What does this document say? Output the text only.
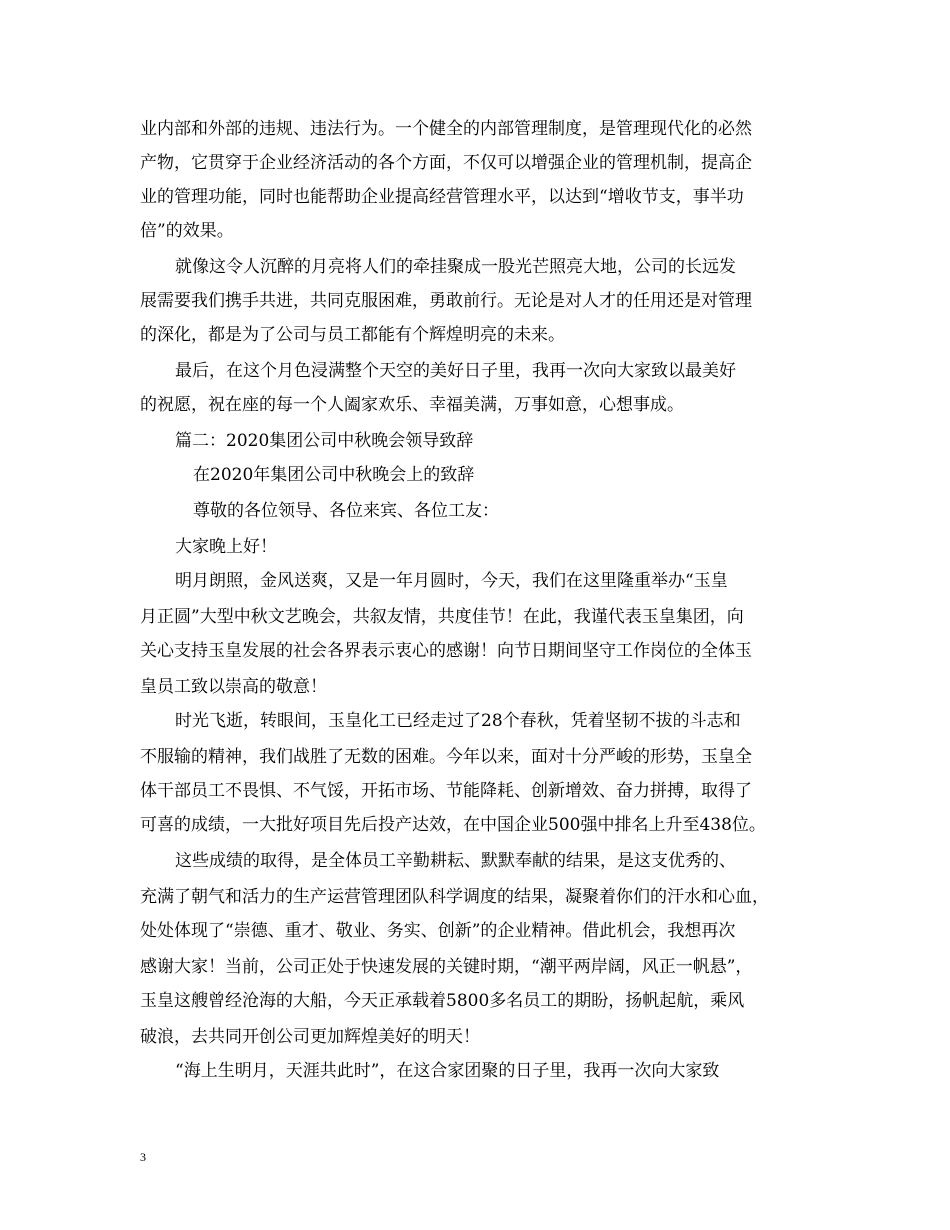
业内部和外部的违规、违法行为。一个健全的内部管理制度，是管理现代化的必然
产物，它贯穿于企业经济活动的各个方面，不仅可以增强企业的管理机制，提高企
业的管理功能，同时也能帮助企业提高经营管理水平，以达到“增收节支，事半功
倍”的效果。
就像这令人沉醉的月亮将人们的牵挂聚成一股光芒照亮大地，公司的长远发
展需要我们携手共进，共同克服困难，勇敢前行。无论是对人才的任用还是对管理
的深化，都是为了公司与员工都能有个辉煌明亮的未来。
最后，在这个月色浸满整个天空的美好日子里，我再一次向大家致以最美好
的祝愿，祝在座的每一个人阖家欢乐、幸福美满，万事如意，心想事成。
篇二：2020集团公司中秋晚会领导致辞
在2020年集团公司中秋晚会上的致辞
尊敬的各位领导、各位来宾、各位工友：
大家晚上好！
明月朗照，金风送爽，又是一年月圆时，今天，我们在这里隆重举办“玉皇
月正圆”大型中秋文艺晚会，共叙友情，共度佳节！在此，我谨代表玉皇集团，向
关心支持玉皇发展的社会各界表示衷心的感谢！向节日期间坚守工作岗位的全体玉
皇员工致以崇高的敬意！
时光飞逝，转眼间，玉皇化工已经走过了28个春秋，凭着坚韧不拔的斗志和
不服输的精神，我们战胜了无数的困难。今年以来，面对十分严峻的形势，玉皇全
体干部员工不畏惧、不气馁，开拓市场、节能降耗、创新增效、奋力拼搏，取得了
可喜的成绩，一大批好项目先后投产达效，在中国企业500强中排名上升至438位。
这些成绩的取得，是全体员工辛勤耕耘、默默奉献的结果，是这支优秀的、
充满了朝气和活力的生产运营管理团队科学调度的结果，凝聚着你们的汗水和心血，
处处体现了“崇德、重才、敬业、务实、创新”的企业精神。借此机会，我想再次
感谢大家！当前，公司正处于快速发展的关键时期，“潮平两岸阔，风正一帆悬”，
玉皇这艘曾经沧海的大船，今天正承载着5800多名员工的期盼，扬帆起航，乘风
破浪，去共同开创公司更加辉煌美好的明天！
“海上生明月，天涯共此时”，在这合家团聚的日子里，我再一次向大家致
3
